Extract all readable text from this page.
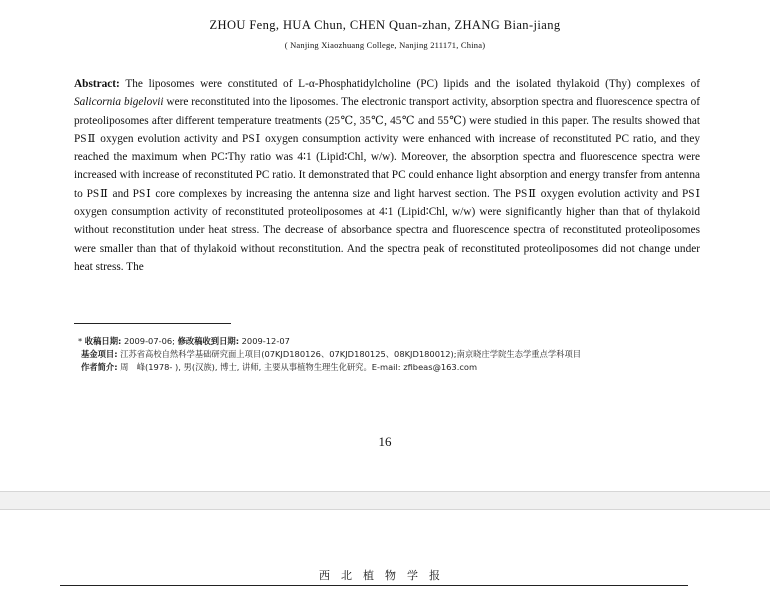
ZHOU Feng, HUA Chun, CHEN Quan-zhan, ZHANG Bian-jiang
( Nanjing Xiaozhuang College, Nanjing 211171, China)

Abstract: The liposomes were constituted of L-α-Phosphatidylcholine (PC) lipids and the isolated thylakoid (Thy) complexes of Salicornia bigelovii were reconstituted into the liposomes. The electronic transport activity, absorption spectra and fluorescence spectra of proteoliposomes after different temperature treatments (25℃, 35℃, 45℃ and 55℃) were studied in this paper. The results showed that PSⅡ oxygen evolution activity and PSⅠ oxygen consumption activity were enhanced with increase of reconstituted PC ratio, and they reached the maximum when PC∶Thy ratio was 4∶1 (Lipid∶Chl, w/w). Moreover, the absorption spectra and fluorescence spectra were increased with increase of reconstituted PC ratio. It demonstrated that PC could enhance light absorption and energy transfer from antenna to PSⅡ and PSⅠ core complexes by increasing the antenna size and light harvest section. The PSⅡ oxygen evolution activity and PSⅠ oxygen consumption activity of reconstituted proteoliposomes at 4∶1 (Lipid∶Chl, w/w) were significantly higher than that of thylakoid without reconstitution under heat stress. The decrease of absorbance spectra and fluorescence spectra of reconstituted proteoliposomes were smaller than that of thylakoid without reconstitution. And the spectra peak of reconstituted proteoliposomes did not change under heat stress. The

* 收稿日期: 2009-07-06; 修改稿收到日期: 2009-12-07
基金项目: 江苏省高校自然科学基础研究面上项目(07KJD180126、07KJD180125、08KJD180012);南京晓庄学院生态学重点学科项目
作者简介: 周　峰(1978- ), 男(汉族), 博士, 讲师, 主要从事植物生理生化研究。E-mail: zfibeas@163.com
16
西北植物学报
